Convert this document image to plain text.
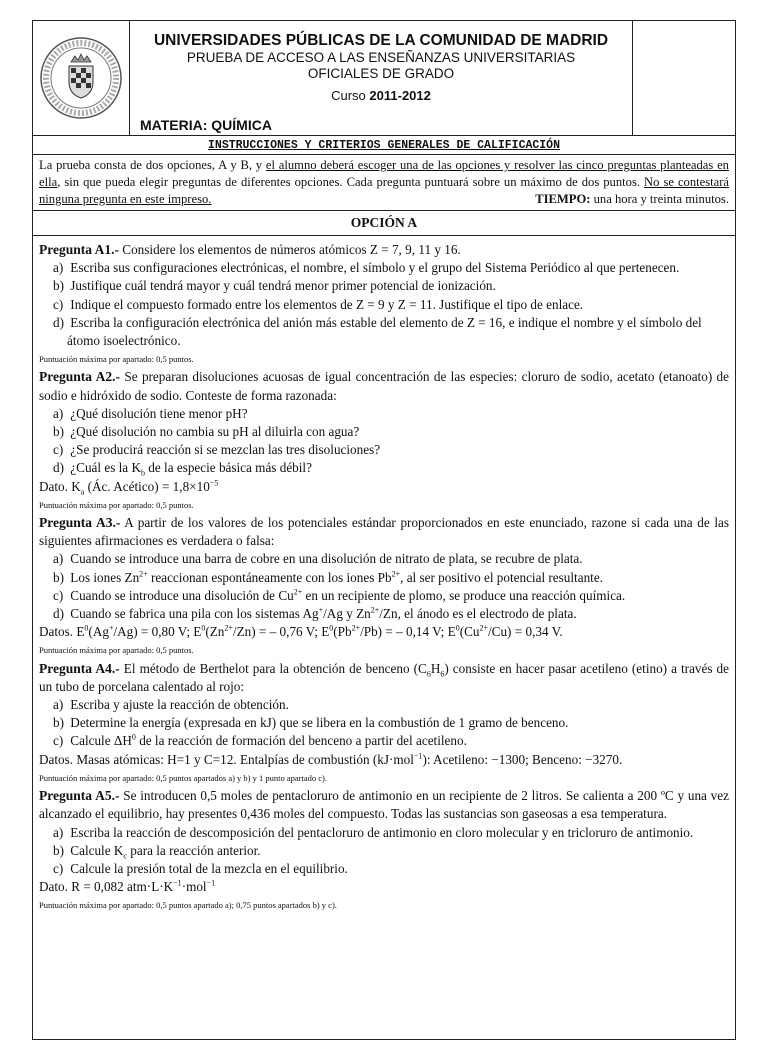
UNIVERSIDADES PÚBLICAS DE LA COMUNIDAD DE MADRID
PRUEBA DE ACCESO A LAS ENSEÑANZAS UNIVERSITARIAS
OFICIALES DE GRADO
Curso 2011-2012
MATERIA: QUÍMICA
INSTRUCCIONES Y CRITERIOS GENERALES DE CALIFICACIÓN
La prueba consta de dos opciones, A y B, y el alumno deberá escoger una de las opciones y resolver las cinco preguntas planteadas en ella, sin que pueda elegir preguntas de diferentes opciones. Cada pregunta puntuará sobre un máximo de dos puntos. No se contestará ninguna pregunta en este impreso.	TIEMPO: una hora y treinta minutos.
OPCIÓN A

Pregunta A1.- Considere los elementos de números atómicos Z = 7, 9, 11 y 16.

a) Escriba sus configuraciones electrónicas, el nombre, el símbolo y el grupo del Sistema Periódico al que pertenecen.
b) Justifique cuál tendrá mayor y cuál tendrá menor primer potencial de ionización.
c) Indique el compuesto formado entre los elementos de Z = 9 y Z = 11. Justifique el tipo de enlace.
d) Escriba la configuración electrónica del anión más estable del elemento de Z = 16, e indique el nombre y el símbolo del átomo isoelectrónico.

Puntuación máxima por apartado: 0,5 puntos.

Pregunta A2.- Se preparan disoluciones acuosas de igual concentración de las especies: cloruro de sodio, acetato (etanoato) de sodio e hidróxido de sodio. Conteste de forma razonada:

a) ¿Qué disolución tiene menor pH?
b) ¿Qué disolución no cambia su pH al diluirla con agua?
c) ¿Se producirá reacción si se mezclan las tres disoluciones?
d) ¿Cuál es la $K_b$ de la especie básica más débil?

Dato. $K_a$ (Ác. Acético) = $1,8\times 10^{-5}$

Puntuación máxima por apartado: 0,5 puntos.

Pregunta A3.- A partir de los valores de los potenciales estándar proporcionados en este enunciado, razone si cada una de las siguientes afirmaciones es verdadera o falsa:

a) Cuando se introduce una barra de cobre en una disolución de nitrato de plata, se recubre de plata.
b) Los iones $Zn^{2+}$ reaccionan espontáneamente con los iones $Pb^{2+}$, al ser positivo el potencial resultante.
c) Cuando se introduce una disolución de $Cu^{2+}$ en un recipiente de plomo, se produce una reacción química.
d) Cuando se fabrica una pila con los sistemas Ag+/Ag y $Zn^{2+}/Zn$, el ánodo es el electrodo de plata.

Datos. $E^0(Ag^+/Ag) = 0,80$ V; $E^0(Zn^{2+}/Zn)$ = – 0,76 V; $E^0(Pb^{2+}/Pb)$ = – 0,14 V; $E^0(Cu^{2+}/Cu) = 0,34$ V.

Puntuación máxima por apartado: 0,5 puntos.

Pregunta A4.- El método de Berthelot para la obtención de benceno $(C_6H_6)$ consiste en hacer pasar acetileno (etino) a través de un tubo de porcelana calentado al rojo:

a) Escriba y ajuste la reacción de obtención.
b) Determine la energía (expresada en kJ) que se libera en la combustión de 1 gramo de benceno.
c) Calcule $\Delta H^0$ de la reacción de formación del benceno a partir del acetileno.

Datos. Masas atómicas: H=1 y C=12. Entalpías de combustión (kJ·mol$^{-1}$): Acetileno: −1300; Benceno: −3270.

Puntuación máxima por apartado: 0,5 puntos apartados a) y b) y 1 punto apartado c).

Pregunta A5.- Se introducen 0,5 moles de pentacloruro de antimonio en un recipiente de 2 litros. Se calienta a 200 ºC y una vez alcanzado el equilibrio, hay presentes 0,436 moles del compuesto. Todas las sustancias son gaseosas a esa temperatura.

a) Escriba la reacción de descomposición del pentacloruro de antimonio en cloro molecular y en tricloruro de antimonio.
b) Calcule $K_c$ para la reacción anterior.
c) Calcule la presión total de la mezcla en el equilibrio.

Dato. R = 0,082 $atm\cdot L\cdot K^{-1}\cdot mol^{-1}$

Puntuación máxima por apartado: 0,5 puntos apartado a); 0,75 puntos apartados b) y c).
